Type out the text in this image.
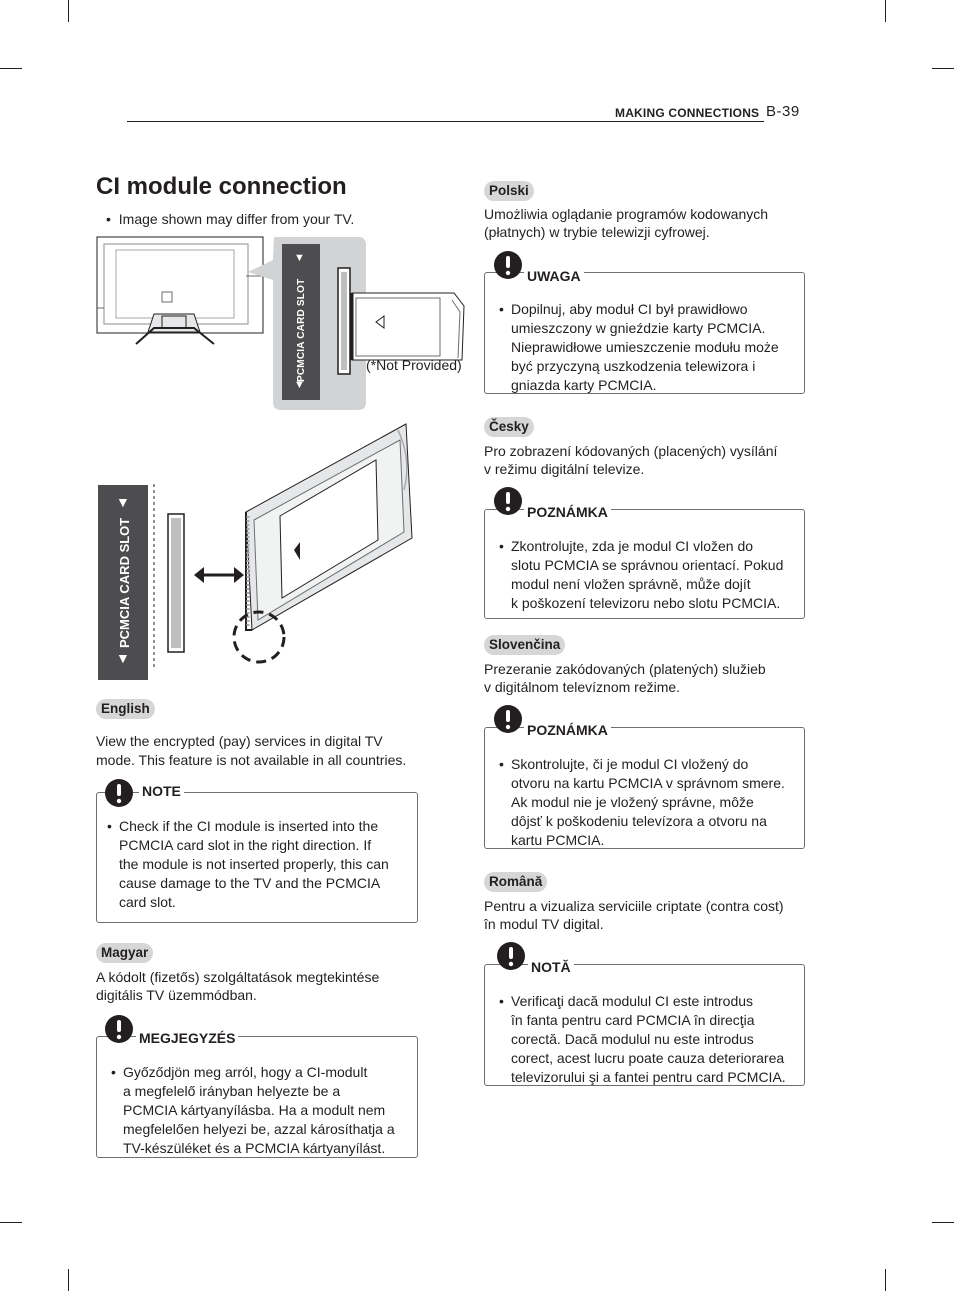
MAKING CONNECTIONS B-39
CI module connection
• Image shown may differ from your TV.
PCMCIA CARD SLOT
▼
▼
(*Not Provided)
PCMCIA CARD SLOT
▼
▼
English
View the encrypted (pay) services in digital TV
mode. This feature is not available in all countries.
NOTE
• Check if the CI module is inserted into the
PCMCIA card slot in the right direction. If
the module is not inserted properly, this can
cause damage to the TV and the PCMCIA
card slot.
Magyar
A kódolt (fizetős) szolgáltatások megtekintése
digitális TV üzemmódban.
MEGJEGYZÉS
• Győződjön meg arról, hogy a CI-modult
a megfelelő irányban helyezte be a
PCMCIA kártyanyílásba. Ha a modult nem
megfelelően helyezi be, azzal károsíthatja a
TV-készüléket és a PCMCIA kártyanyílást.
Polski
Umożliwia oglądanie programów kodowanych
(płatnych) w trybie telewizji cyfrowej.
UWAGA
• Dopilnuj, aby moduł CI był prawidłowo
umieszczony w gnieździe karty PCMCIA.
Nieprawidłowe umieszczenie modułu może
być przyczyną uszkodzenia telewizora i
gniazda karty PCMCIA.
Česky
Pro zobrazení kódovaných (placených) vysílání
v režimu digitální televize.
POZNÁMKA
• Zkontrolujte, zda je modul CI vložen do
slotu PCMCIA se správnou orientací. Pokud
modul není vložen správně, může dojít
k poškození televizoru nebo slotu PCMCIA.
Slovenčina
Prezeranie zakódovaných (platených) služieb
v digitálnom televíznom režime.
POZNÁMKA
• Skontrolujte, či je modul CI vložený do
otvoru na kartu PCMCIA v správnom smere.
Ak modul nie je vložený správne, môže
dôjsť k poškodeniu televízora a otvoru na
kartu PCMCIA.
Română
Pentru a vizualiza serviciile criptate (contra cost)
în modul TV digital.
NOTĂ
• Verificaţi dacă modulul CI este introdus
în fanta pentru card PCMCIA în direcţia
corectă. Dacă modulul nu este introdus
corect, acest lucru poate cauza deteriorarea
televizorului şi a fantei pentru card PCMCIA.
